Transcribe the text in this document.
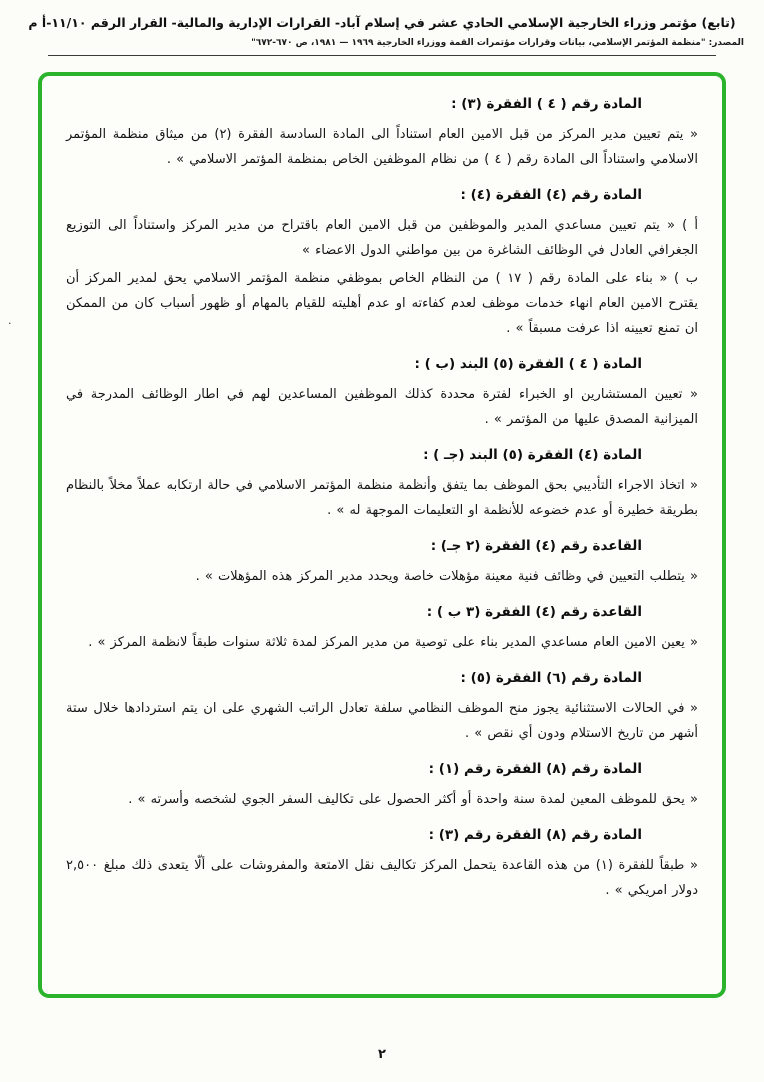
(تابع) مؤتمر وزراء الخارجية الإسلامي الحادي عشر في إسلام آباد- القرارات الإدارية والمالية- القرار الرقم ١١/١٠-أ م
المصدر: "منظمة المؤتمر الإسلامي، بيانات وقرارات مؤتمرات القمة ووزراء الخارجية ١٩٦٩ — ١٩٨١، ص ٦٧٠-٦٧٢"
المادة رقم ( ٤ ) الفقرة (٣) :

« يتم تعيين مدير المركز من قبل الامين العام استناداً الى المادة السادسة الفقرة (٢) من ميثاق منظمة المؤتمر الاسلامي واستناداً الى المادة رقم ( ٤ ) من نظام الموظفين الخاص بمنظمة المؤتمر الاسلامي » .

المادة رقم (٤) الفقرة (٤) :

أ ) « يتم تعيين مساعدي المدير والموظفين من قبل الامين العام باقتراح من مدير المركز واستناداً الى التوزيع الجغرافي العادل في الوظائف الشاغرة من بين مواطني الدول الاعضاء »

ب ) « بناء على المادة رقم ( ١٧ ) من النظام الخاص بموظفي منظمة المؤتمر الاسلامي يحق لمدير المركز أن يقترح الامين العام انهاء خدمات موظف لعدم كفاءته او عدم أهليته للقيام بالمهام أو ظهور أسباب كان من الممكن ان تمنع تعيينه اذا عرفت مسبقاً » .

المادة ( ٤ ) الفقرة (٥) البند (ب ) :

« تعيين المستشارين او الخبراء لفترة محددة كذلك الموظفين المساعدين لهم في اطار الوظائف المدرجة في الميزانية المصدق عليها من المؤتمر » .

المادة (٤) الفقرة (٥) البند (جـ ) :

« اتخاذ الاجراء التأديبي بحق الموظف بما يتفق وأنظمة منظمة المؤتمر الاسلامي في حالة ارتكابه عملاً مخلاً بالنظام بطريقة خطيرة أو عدم خضوعه للأنظمة او التعليمات الموجهة له » .

القاعدة رقم (٤) الفقرة (٢ جـ) :

« يتطلب التعيين في وظائف فنية معينة مؤهلات خاصة ويحدد مدير المركز هذه المؤهلات » .

القاعدة رقم (٤) الفقرة (٣ ب ) :

« يعين الامين العام مساعدي المدير بناء على توصية من مدير المركز لمدة ثلاثة سنوات طبقاً لانظمة المركز » .

المادة رقم (٦) الفقرة (٥) :

« في الحالات الاستثنائية يجوز منح الموظف النظامي سلفة تعادل الراتب الشهري على ان يتم استردادها خلال ستة أشهر من تاريخ الاستلام ودون أي نقص » .

المادة رقم (٨) الفقرة رقم (١) :

« يحق للموظف المعين لمدة سنة واحدة أو أكثر الحصول على تكاليف السفر الجوي لشخصه وأسرته » .

المادة رقم (٨) الفقرة رقم (٣) :

« طبقاً للفقرة (١) من هذه القاعدة يتحمل المركز تكاليف نقل الامتعة والمفروشات على ألّا يتعدى ذلك مبلغ ٢,٥٠٠ دولار امريكي » .

.
٢
